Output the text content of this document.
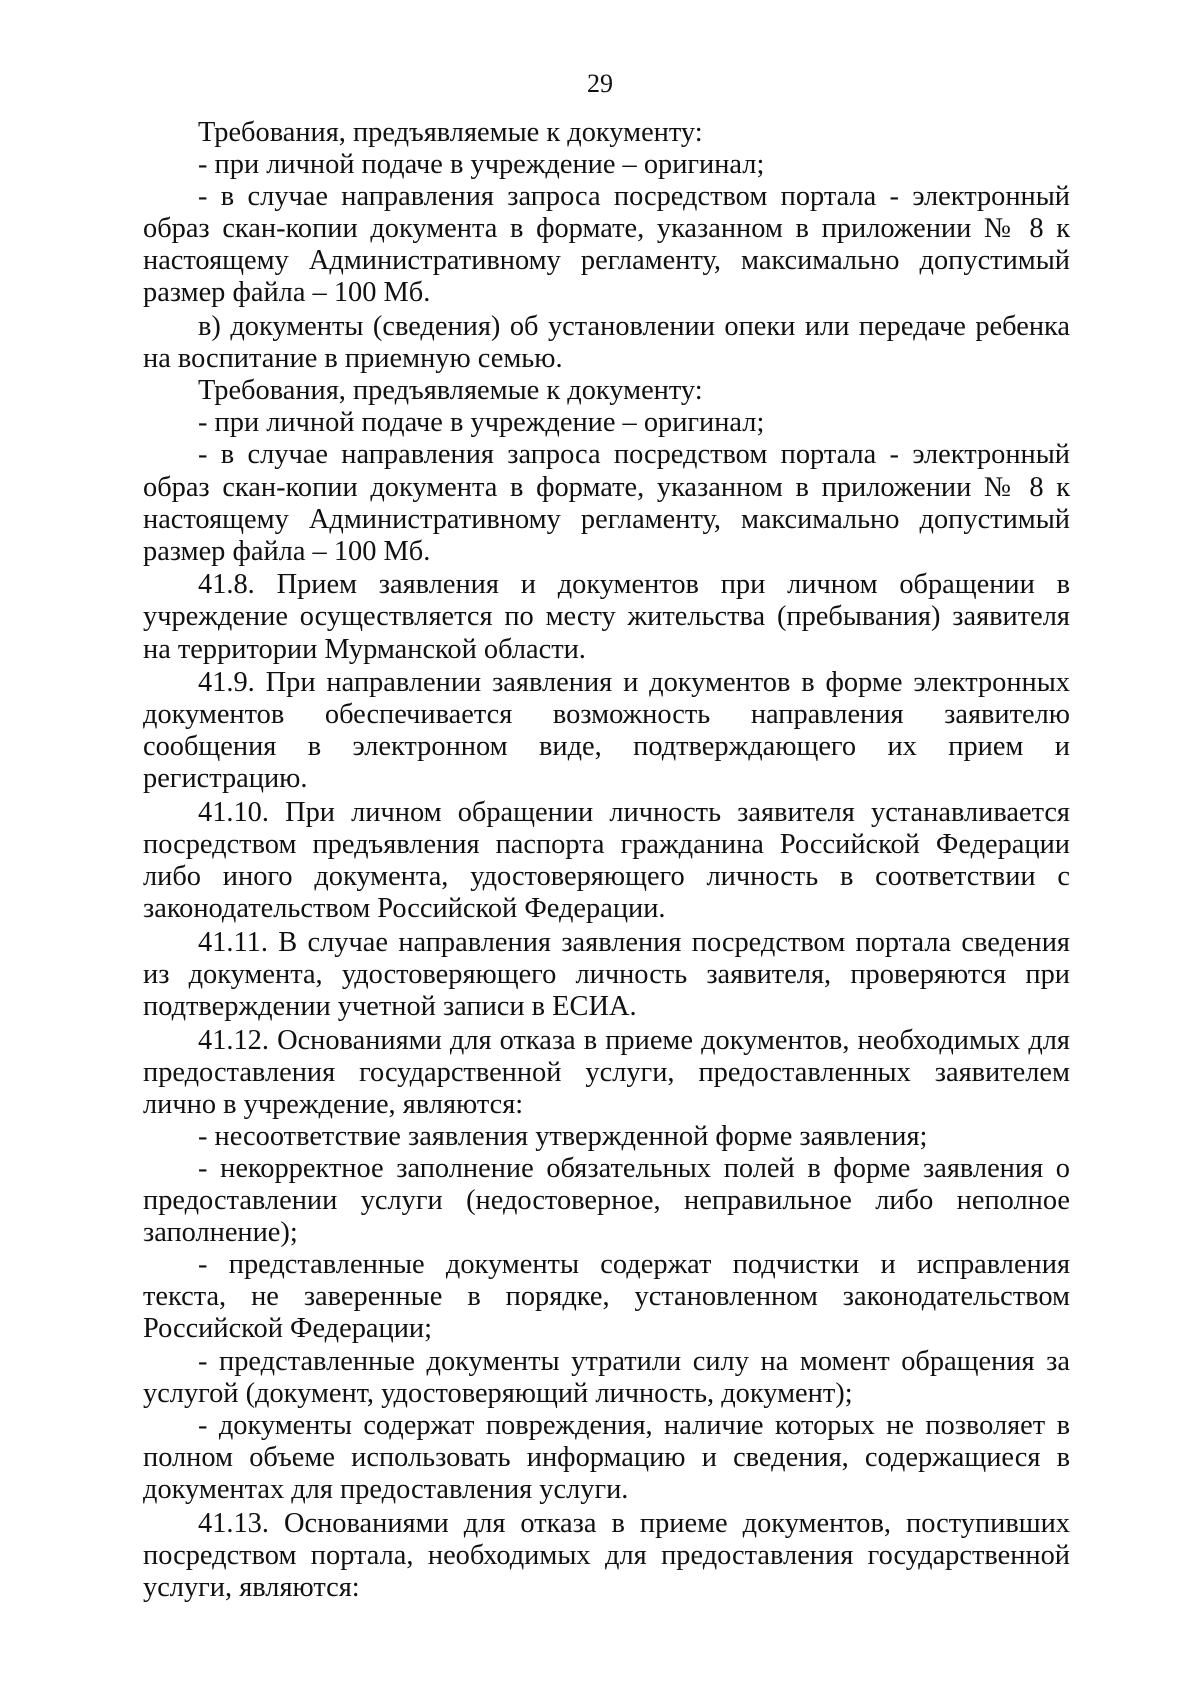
29

Требования, предъявляемые к документу:

- при личной подаче в учреждение – оригинал;

- в случае направления запроса посредством портала - электронный образ скан-копии документа в формате, указанном в приложении № 8 к настоящему Административному регламенту, максимально допустимый размер файла – 100 Мб.

в) документы (сведения) об установлении опеки или передаче ребенка на воспитание в приемную семью.

Требования, предъявляемые к документу:

- при личной подаче в учреждение – оригинал;

- в случае направления запроса посредством портала - электронный образ скан-копии документа в формате, указанном в приложении № 8 к настоящему Административному регламенту, максимально допустимый размер файла – 100 Мб.

41.8. Прием заявления и документов при личном обращении в учреждение осуществляется по месту жительства (пребывания) заявителя на территории Мурманской области.

41.9. При направлении заявления и документов в форме электронных документов обеспечивается возможность направления заявителю сообщения в электронном виде, подтверждающего их прием и регистрацию.

41.10. При личном обращении личность заявителя устанавливается посредством предъявления паспорта гражданина Российской Федерации либо иного документа, удостоверяющего личность в соответствии с законодательством Российской Федерации.

41.11. В случае направления заявления посредством портала сведения из документа, удостоверяющего личность заявителя, проверяются при подтверждении учетной записи в ЕСИА.

41.12. Основаниями для отказа в приеме документов, необходимых для предоставления государственной услуги, предоставленных заявителем лично в учреждение, являются:

- несоответствие заявления утвержденной форме заявления;

- некорректное заполнение обязательных полей в форме заявления о предоставлении услуги (недостоверное, неправильное либо неполное заполнение);

- представленные документы содержат подчистки и исправления текста, не заверенные в порядке, установленном законодательством Российской Федерации;

- представленные документы утратили силу на момент обращения за услугой (документ, удостоверяющий личность, документ);

- документы содержат повреждения, наличие которых не позволяет в полном объеме использовать информацию и сведения, содержащиеся в документах для предоставления услуги.

41.13. Основаниями для отказа в приеме документов, поступивших посредством портала, необходимых для предоставления государственной услуги, являются:
